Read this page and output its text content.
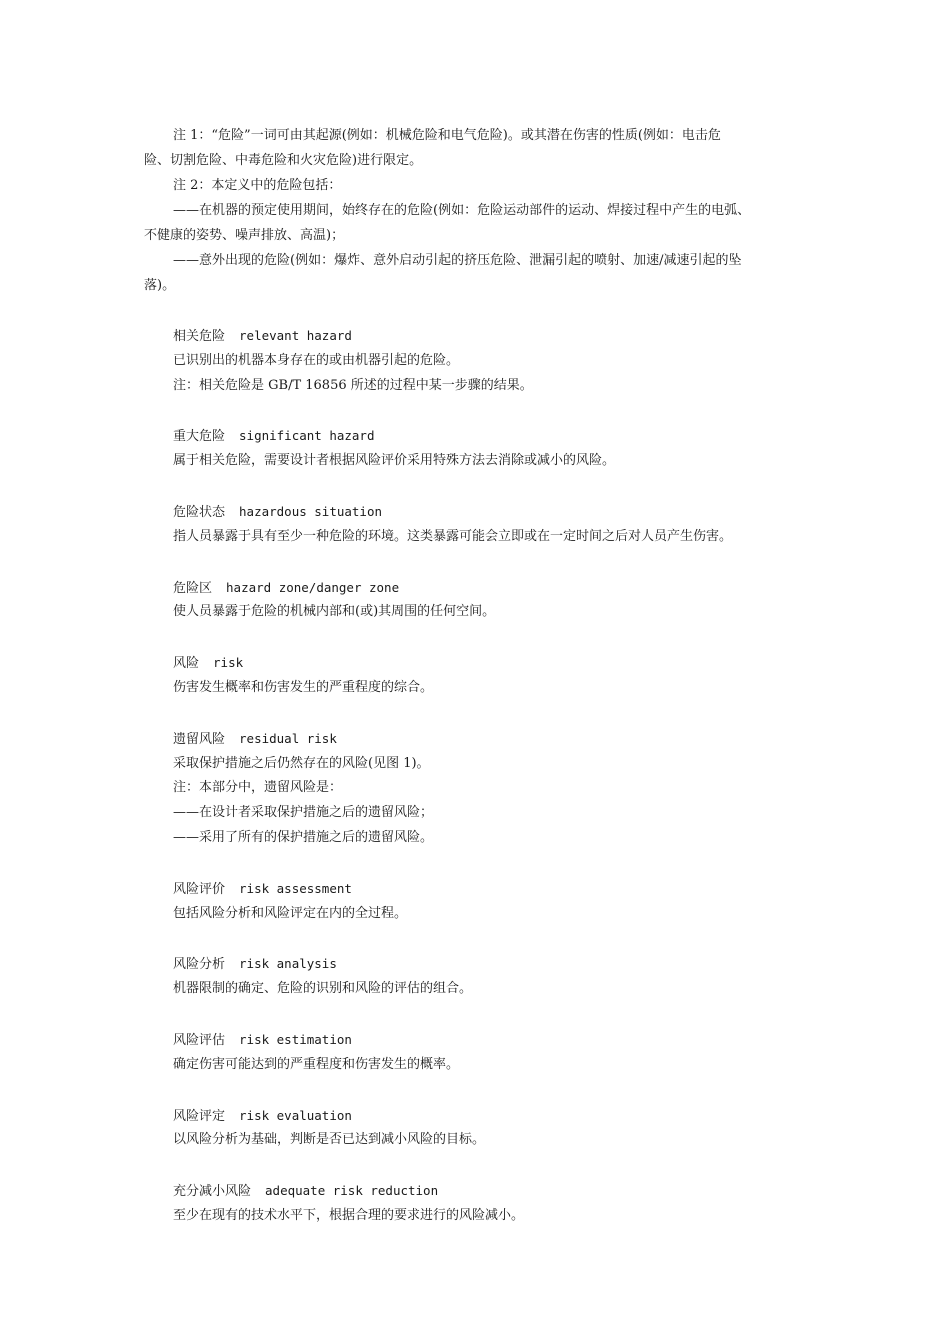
注 1：“危险”一词可由其起源(例如：机械危险和电气危险)。或其潜在伤害的性质(例如：电击危
险、切割危险、中毒危险和火灾危险)进行限定。
注 2：本定义中的危险包括：
——在机器的预定使用期间，始终存在的危险(例如：危险运动部件的运动、焊接过程中产生的电弧、
不健康的姿势、噪声排放、高温)；
——意外出现的危险(例如：爆炸、意外启动引起的挤压危险、泄漏引起的喷射、加速/减速引起的坠
落)。
相关危险 relevant hazard
已识别出的机器本身存在的或由机器引起的危险。
注：相关危险是 GB/T 16856 所述的过程中某一步骤的结果。
重大危险 significant hazard
属于相关危险，需要设计者根据风险评价采用特殊方法去消除或减小的风险。
危险状态 hazardous situation
指人员暴露于具有至少一种危险的环境。这类暴露可能会立即或在一定时间之后对人员产生伤害。
危险区 hazard zone/danger zone
使人员暴露于危险的机械内部和(或)其周围的任何空间。
风险 risk
伤害发生概率和伤害发生的严重程度的综合。
遗留风险 residual risk
采取保护措施之后仍然存在的风险(见图 1)。
注：本部分中，遗留风险是：
——在设计者采取保护措施之后的遗留风险；
——采用了所有的保护措施之后的遗留风险。
风险评价 risk assessment
包括风险分析和风险评定在内的全过程。
风险分析 risk analysis
机器限制的确定、危险的识别和风险的评估的组合。
风险评估 risk estimation
确定伤害可能达到的严重程度和伤害发生的概率。
风险评定 risk evaluation
以风险分析为基础，判断是否已达到减小风险的目标。
充分减小风险 adequate risk reduction
至少在现有的技术水平下，根据合理的要求进行的风险减小。
